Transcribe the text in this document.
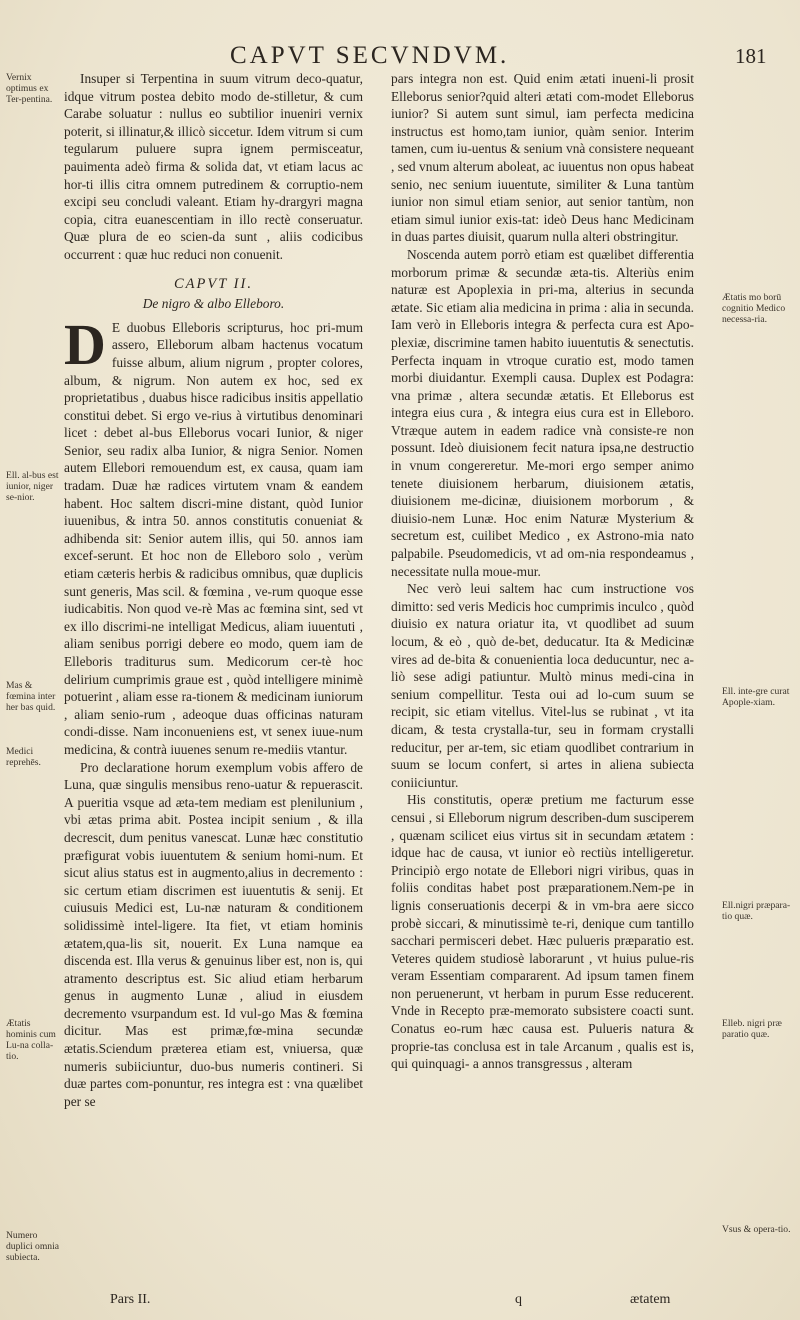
CAPVT SECVNDVM.	181

Insuper si Terpentina in suum vitrum deco-quatur, idque vitrum postea debito modo de-stilletur, & cum Carabe soluatur : nullus eo subtilior inueniri vernix poterit, si illinatur,& illicò siccetur. Idem vitrum si cum tegularum puluere supra ignem permisceatur, pauimenta adeò firma & solida dat, vt etiam lacus ac hor-ti illis citra omnem putredinem & corruptio-nem excipi seu concludi valeant. Etiam hy-drargyri magna copia, citra euanescentiam in illo rectè conseruatur. Quæ plura de eo scien-da sunt , aliis codicibus occurrent : quæ huc reduci non conuenit.

CAPVT II.
De nigro & albo Elleboro.

D E duobus Elleboris scripturus, hoc pri-mum assero, Elleborum albam hactenus vocatum fuisse album, alium nigrum , propter colores, album, & nigrum. Non autem ex hoc, sed ex proprietatibus , duabus hisce radicibus insitis appellatio constitui debet. Si ergo ve-rius à virtutibus denominari licet : debet al-bus Elleborus vocari Iunior, & niger Senior, seu radix alba Iunior, & nigra Senior. Nomen autem Ellebori remouendum est, ex causa, quam iam tradam. Duæ hæ radices virtutem vnam & eandem habent. Hoc saltem discri-mine distant, quòd Iunior iuuenibus, & intra 50. annos constitutis conueniat & adhibenda sit: Senior autem illis, qui 50. annos iam excef-serunt. Et hoc non de Elleboro solo , verùm etiam cæteris herbis & radicibus omnibus, quæ duplicis sunt generis, Mas scil. & fœmina , ve-rum quoque esse iudicabitis. Non quod ve-rè Mas ac fœmina sint, sed vt ex illo discrimi-ne intelligat Medicus, aliam iuuentuti , aliam senibus porrigi debere eo modo, quem iam de Elleboris traditurus sum. Medicorum cer-tè hoc delirium cumprimis graue est , quòd intelligere minimè potuerint , aliam esse ra-tionem & medicinam iuniorum , aliam senio-rum , adeoque duas officinas naturam condi-disse. Nam inconueniens est, vt senex iuue-num medicina, & contrà iuuenes senum re-mediis vtantur.

Pro declaratione horum exemplum vobis affero de Luna, quæ singulis mensibus reno-uatur & repuerascit. A pueritia vsque ad æta-tem mediam est plenilunium , vbi ætas prima abit. Postea incipit senium , & illa decrescit, dum penitus vanescat. Lunæ hæc constitutio præfigurat vobis iuuentutem & senium homi-num. Et sicut alius status est in augmento,alius in decremento : sic certum etiam discrimen est iuuentutis & senij. Et cuiusuis Medici est, Lu-næ naturam & conditionem solidissimè intel-ligere. Ita fiet, vt etiam hominis ætatem,qua-lis sit, nouerit. Ex Luna namque ea discenda est. Illa verus & genuinus liber est, non is, qui atramento descriptus est. Sic aliud etiam herbarum genus in augmento Lunæ , aliud in eiusdem decremento vsurpandum est. Id vul-go Mas & fœmina dicitur. Mas est primæ,fœ-mina secundæ ætatis.Sciendum præterea etiam est, vniuersa, quæ numeris subiiciuntur, duo-bus numeris contineri. Si duæ partes com-ponuntur, res integra est : vna quælibet per se

Pars II.

pars integra non est. Quid enim ætati inueni-li prosit Elleborus senior?quid alteri ætati com-modet Elleborus iunior? Si autem sunt simul, iam perfecta medicina instructus est homo,tam iunior, quàm senior. Interim tamen, cum iu-uentus & senium vnà consistere nequeant , sed vnum alterum aboleat, ac iuuentus non opus habeat senio, nec senium iuuentute, similiter & Luna tantùm iunior non simul etiam senior, aut senior tantùm, non etiam simul iunior exis-tat: ideò Deus hanc Medicinam in duas partes diuisit, quarum nulla alteri obstringitur.

Noscenda autem porrò etiam est quælibet differentia morborum primæ & secundæ æta-tis. Alteriùs enim naturæ est Apoplexia in pri-ma, alterius in secunda ætate. Sic etiam alia medicina in prima : alia in secunda. Iam verò in Elleboris integra & perfecta cura est Apo-plexiæ, discrimine tamen habito iuuentutis & senectutis. Perfecta inquam in vtroque curatio est, modo tamen morbi diuidantur. Exempli causa. Duplex est Podagra: vna primæ , altera secundæ ætatis. Et Elleborus est integra eius cura , & integra eius cura est in Elleboro. Vtræque autem in eadem radice vnà consiste-re non possunt. Ideò diuisionem fecit natura ipsa,ne destructio in vnum congereretur. Me-mori ergo semper animo tenete diuisionem herbarum, diuisionem ætatis, diuisionem me-dicinæ, diuisionem morborum , & diuisio-nem Lunæ. Hoc enim Naturæ Mysterium & secretum est, cuilibet Medico , ex Astrono-mia nato palpabile. Pseudomedicis, vt ad om-nia respondeamus , necessitate nulla moue-mur.

Nec verò leui saltem hac cum instructione vos dimitto: sed veris Medicis hoc cumprimis inculco , quòd diuisio ex natura oriatur ita, vt quodlibet ad suum locum, & eò , quò de-bet, deducatur. Ita & Medicinæ vires ad de-bita & conuenientia loca deducuntur, nec a-liò sese adigi patiuntur. Multò minus medi-cina in senium compellitur. Testa oui ad lo-cum suum se recipit, sic etiam vitellus. Vitel-lus se rubinat , vt ita dicam, & testa crystalla-tur, seu in formam crystalli reducitur, per ar-tem, sic etiam quodlibet contrarium in suum se locum confert, si artes in aliena subiecta coniiciuntur.

His constitutis, operæ pretium me facturum esse censui , si Elleborum nigrum describen-dum susciperem , quænam scilicet eius virtus sit in secundam ætatem : idque hac de causa, vt iunior eò rectiùs intelligeretur. Principiò ergo notate de Ellebori nigri viribus, quas in foliis conditas habet post præparationem.Nem-pe in lignis conseruationis decerpi & in vm-bra aere sicco probè siccari, & minutissimè te-ri, denique cum tantillo sacchari permisceri debet. Hæc pulueris præparatio est. Veteres quidem studiosè laborarunt , vt huius pulue-ris veram Essentiam compararent. Ad ipsum tamen finem non peruenerunt, vt herbam in purum Esse reducerent. Vnde in Recepto præ-memorato subsistere coacti sunt. Conatus eo-rum hæc causa est. Pulueris natura & proprie-tas conclusa est in tale Arcanum , qualis est is, qui quinquagi- a annos transgressus , alteram

q	ætatem
Vernix optimus ex Ter-pentina.
Ell. al-bus est iunior, niger se-nior.
Mas & fœmina inter her bas quid.
Medici reprehēs.
Ætatis hominis cum Lu-na colla-tio.
Numero duplici omnia subiecta.
Ætatis mo borū cognitio Medico necessa-ria.
Ell. inte-gre curat Apople-xiam.
Ell.nigri præpara-tio quæ.
Elleb. nigri præ paratio quæ.
Vsus & opera-tio.
